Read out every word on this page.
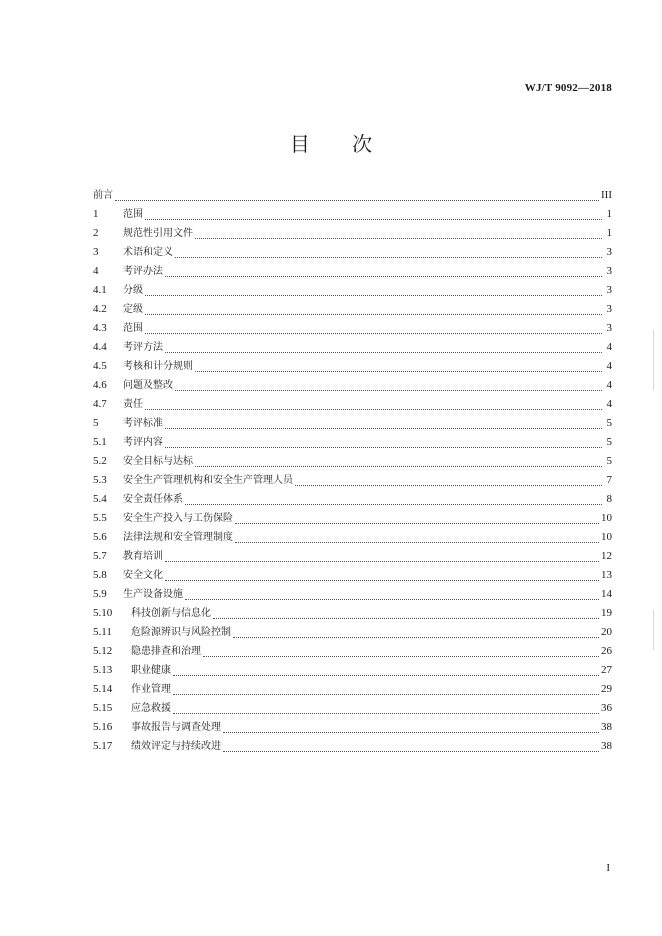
WJ/T 9092—2018
目 次
前言	III
1	范围	1
2	规范性引用文件	1
3	术语和定义	3
4	考评办法	3
4.1	分级	3
4.2	定级	3
4.3	范围	3
4.4	考评方法	4
4.5	考核和计分规则	4
4.6	问题及整改	4
4.7	责任	4
5	考评标准	5
5.1	考评内容	5
5.2	安全目标与达标	5
5.3	安全生产管理机构和安全生产管理人员	7
5.4	安全责任体系	8
5.5	安全生产投入与工伤保险	10
5.6	法律法规和安全管理制度	10
5.7	教育培训	12
5.8	安全文化	13
5.9	生产设备设施	14
5.10	科技创新与信息化	19
5.11	危险源辨识与风险控制	20
5.12	隐患排查和治理	26
5.13	职业健康	27
5.14	作业管理	29
5.15	应急救援	36
5.16	事故报告与调查处理	38
5.17	绩效评定与持续改进	38
I
